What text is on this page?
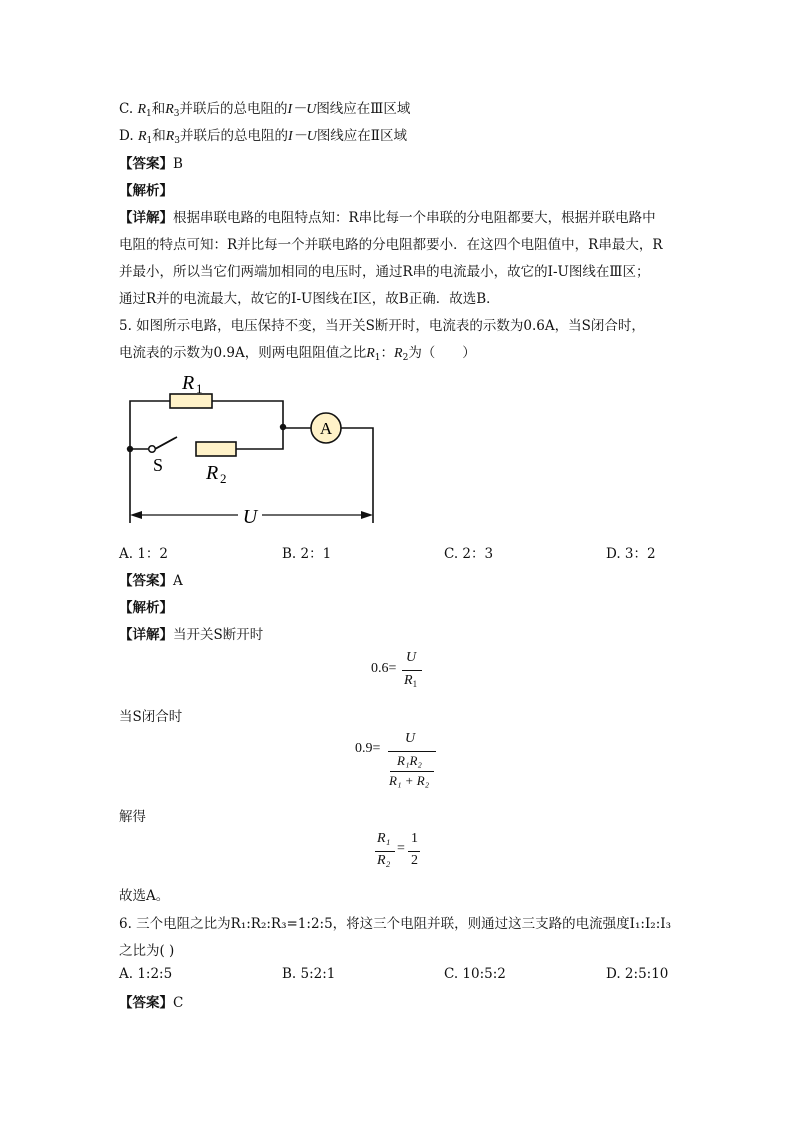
C. $R_1$和$R_3$并联后的总电阻的I－U图线应在Ⅲ区域
D. $R_1$和$R_3$并联后的总电阻的I－U图线应在Ⅱ区域
【答案】B
【解析】
【详解】根据串联电路的电阻特点知：R串比每一个串联的分电阻都要大，根据并联电路中
电阻的特点可知：R并比每一个并联电路的分电阻都要小．在这四个电阻值中，R串最大，R
并最小，所以当它们两端加相同的电压时，通过R串的电流最小，故它的I-U图线在Ⅲ区；
通过R并的电流最大，故它的I-U图线在Ⅰ区，故B正确．故选B．
5. 如图所示电路，电压保持不变，当开关S断开时，电流表的示数为0.6A，当S闭合时，
电流表的示数为0.9A，则两电阻阻值之比$R_1$：$R_2$为（　　）
A
R 1
R 2
S
U
A. 1：2	B. 2：1	C. 2：3	D. 3：2
【答案】A
【解析】
【详解】当开关S断开时
0.6=
U
$R_1$
当S闭合时
0.9=
U
R₁R₂
R₁ + R₂
解得
R₁
R₂
=
1
2
故选A。
6. 三个电阻之比为R₁:R₂:R₃=1:2:5，将这三个电阻并联，则通过这三支路的电流强度I₁:I₂:I₃
之比为( )
A. 1:2:5	B. 5:2:1	C. 10:5:2	D. 2:5:10
【答案】C
